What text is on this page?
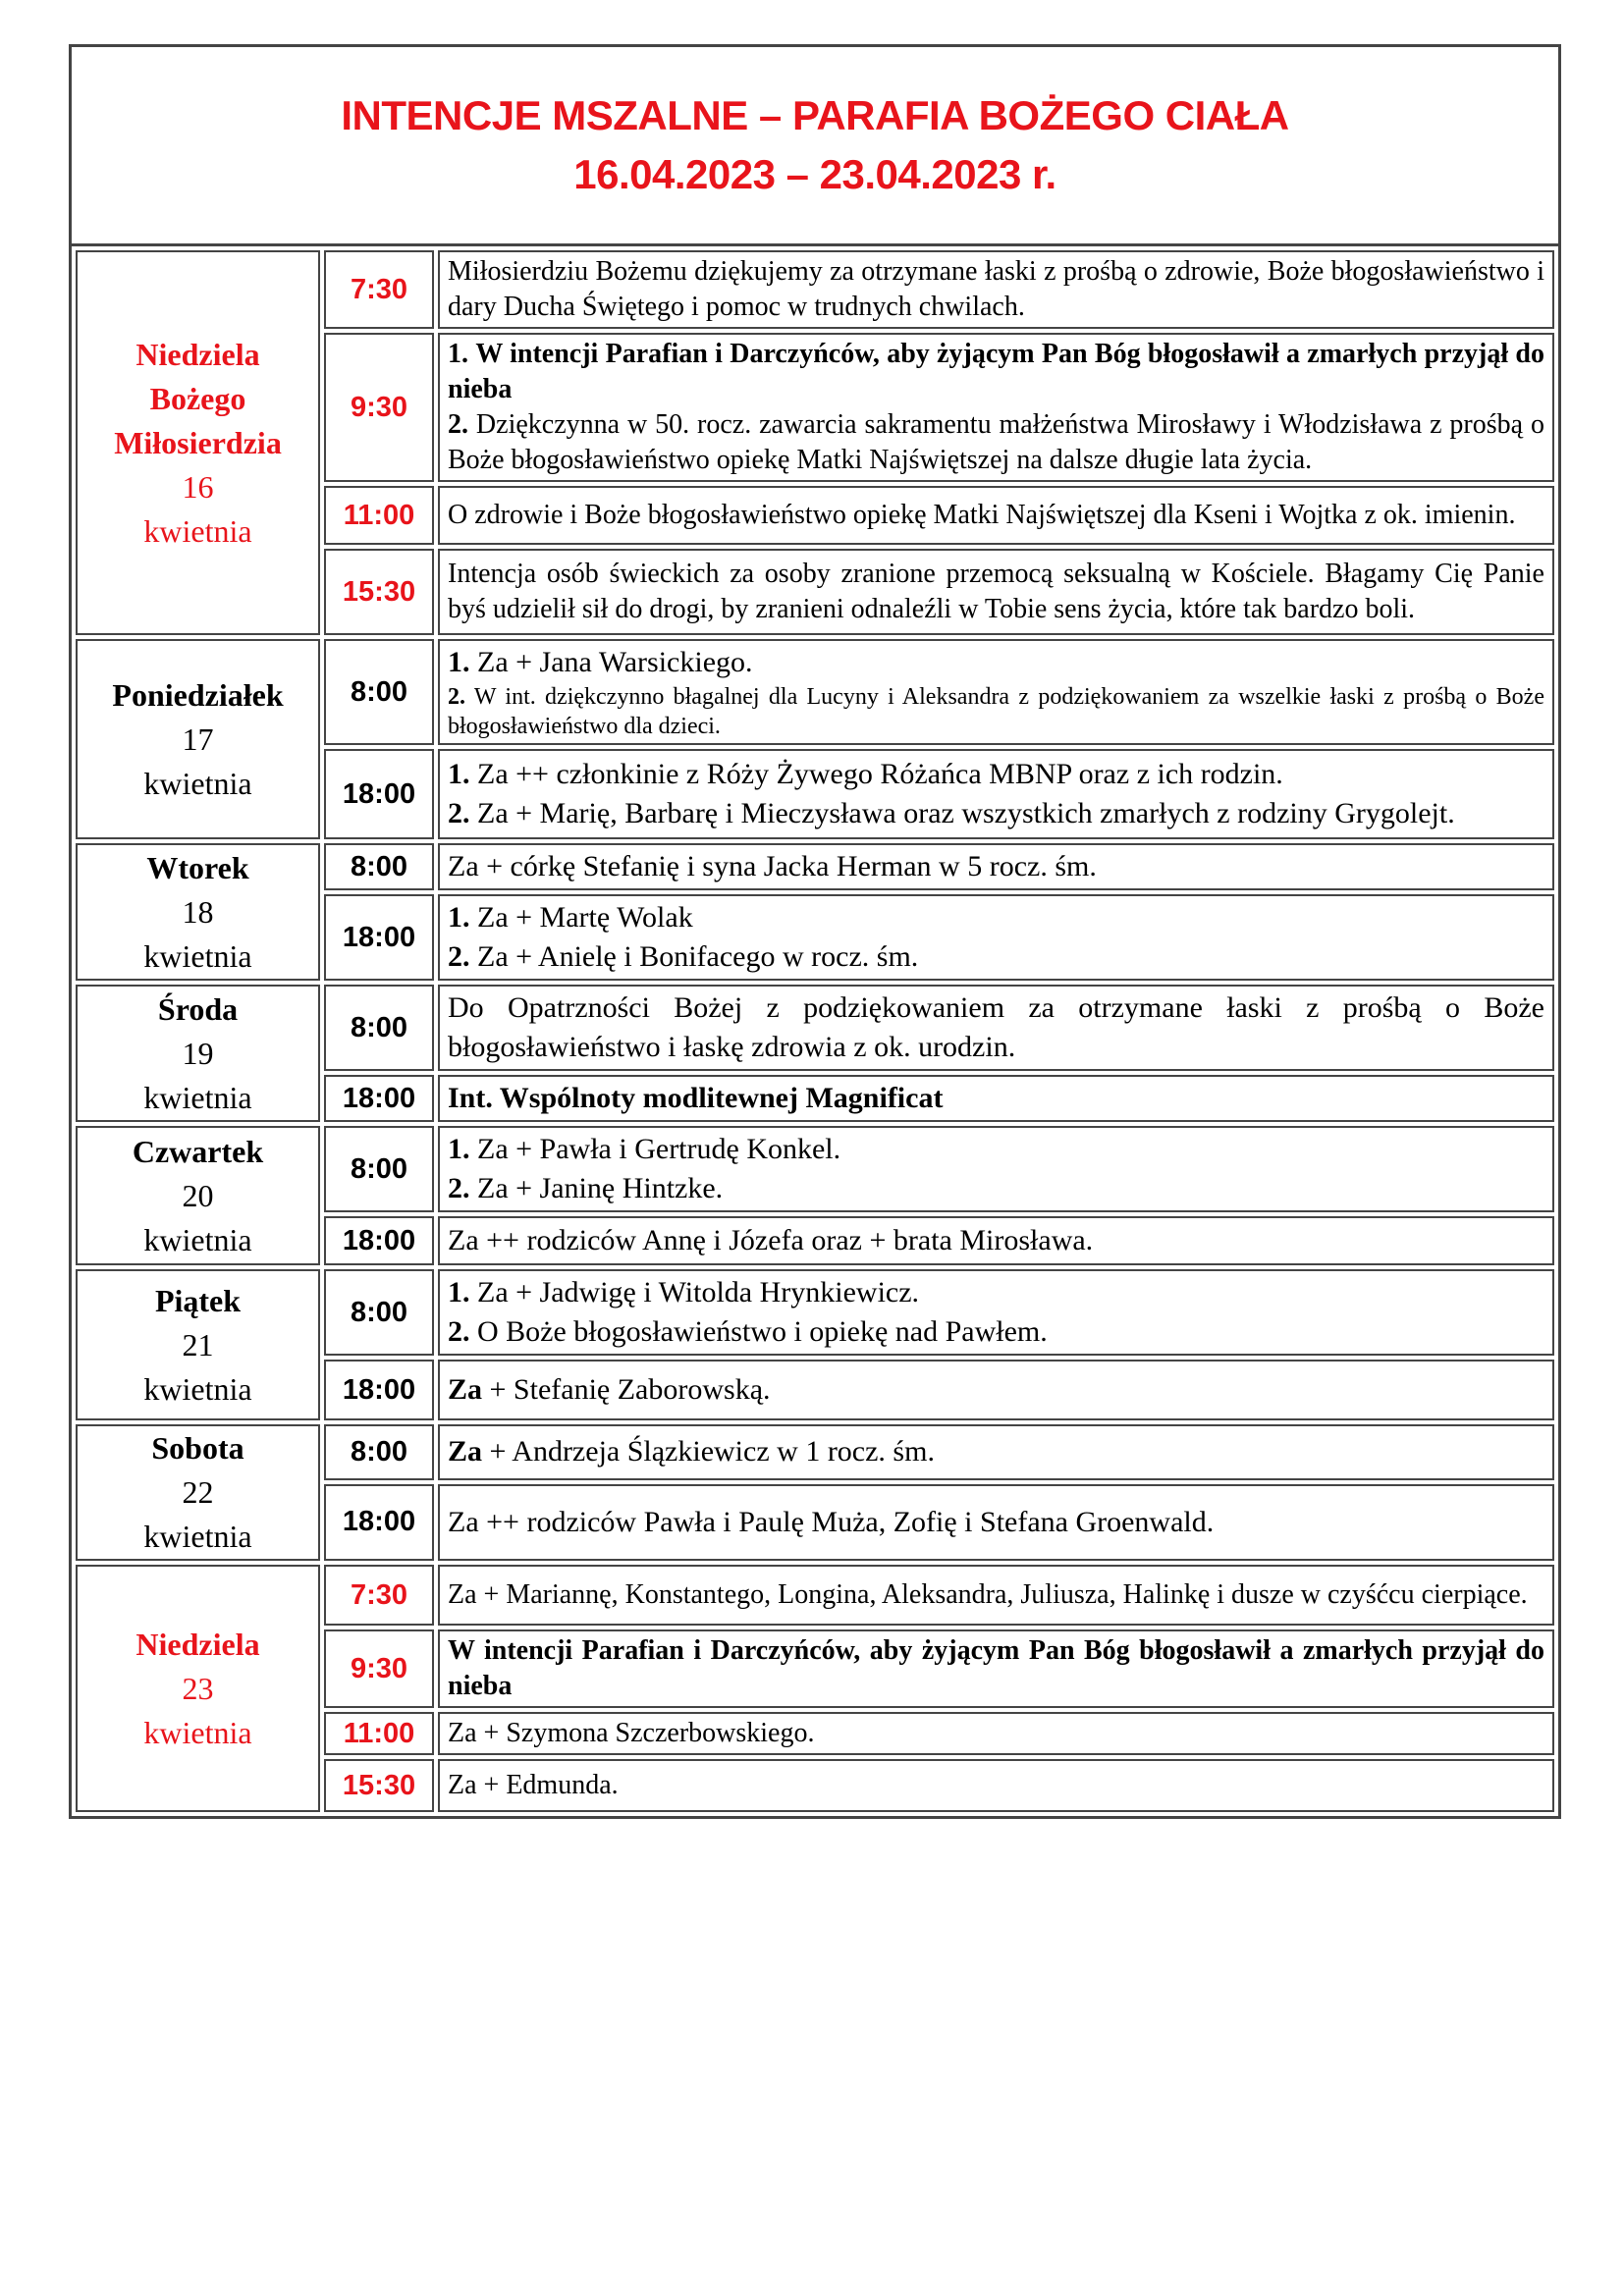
INTENCJE MSZALNE – PARAFIA BOŻEGO CIAŁA
16.04.2023 – 23.04.2023 r.
Niedziela
Bożego
Miłosierdzia
16
kwietnia	7:30	Miłosierdziu Bożemu dziękujemy za otrzymane łaski z prośbą o zdrowie, Boże błogosławieństwo i dary Ducha Świętego i pomoc w trudnych chwilach.

	9:30	1. W intencji Parafian i Darczyńców, aby żyjącym Pan Bóg błogosławił a zmarłych przyjął do nieba
2. Dziękczynna w 50. rocz. zawarcia sakramentu małżeństwa Mirosławy i Włodzisława z prośbą o Boże błogosławieństwo opiekę Matki Najświętszej na dalsze długie lata życia.

	11:00	O zdrowie i Boże błogosławieństwo opiekę Matki Najświętszej dla Kseni i Wojtka z ok. imienin.

	15:30	Intencja osób świeckich za osoby zranione przemocą seksualną w Kościele. Błagamy Cię Panie byś udzielił sił do drogi, by zranieni odnaleźli w Tobie sens życia, które tak bardzo boli.

Poniedziałek
17
kwietnia	8:00	1. Za + Jana Warsickiego.
2. W int. dziękczynno błagalnej dla Lucyny i Aleksandra z podziękowaniem za wszelkie łaski z prośbą o Boże błogosławieństwo dla dzieci.

	18:00	1. Za ++ członkinie z Róży Żywego Różańca MBNP oraz z ich rodzin.
2. Za + Marię, Barbarę i Mieczysława oraz wszystkich zmarłych z rodziny Grygolejt.

Wtorek
18
kwietnia	8:00	Za + córkę Stefanię i syna Jacka Herman w 5 rocz. śm.

	18:00	1. Za + Martę Wolak
2. Za + Anielę i Bonifacego w rocz. śm.

Środa
19
kwietnia	8:00	Do Opatrzności Bożej z podziękowaniem za otrzymane łaski z prośbą o Boże błogosławieństwo i łaskę zdrowia z ok. urodzin.

	18:00	Int. Wspólnoty modlitewnej Magnificat

Czwartek
20
kwietnia	8:00	1. Za + Pawła i Gertrudę Konkel.
2. Za + Janinę Hintzke.

	18:00	Za ++ rodziców Annę i Józefa oraz + brata Mirosława.

Piątek
21
kwietnia	8:00	1. Za + Jadwigę i Witolda Hrynkiewicz.
2. O Boże błogosławieństwo i opiekę nad Pawłem.

	18:00	Za + Stefanię Zaborowską.

Sobota
22
kwietnia	8:00	Za + Andrzeja Ślązkiewicz w 1 rocz. śm.

	18:00	Za ++ rodziców Pawła i Paulę Muża, Zofię i Stefana Groenwald.

Niedziela
23
kwietnia	7:30	Za + Mariannę, Konstantego, Longina, Aleksandra, Juliusza, Halinkę i dusze w czyśćcu cierpiące.

	9:30	W intencji Parafian i Darczyńców, aby żyjącym Pan Bóg błogosławił a zmarłych przyjął do nieba

	11:00	Za + Szymona Szczerbowskiego.

	15:30	Za + Edmunda.
